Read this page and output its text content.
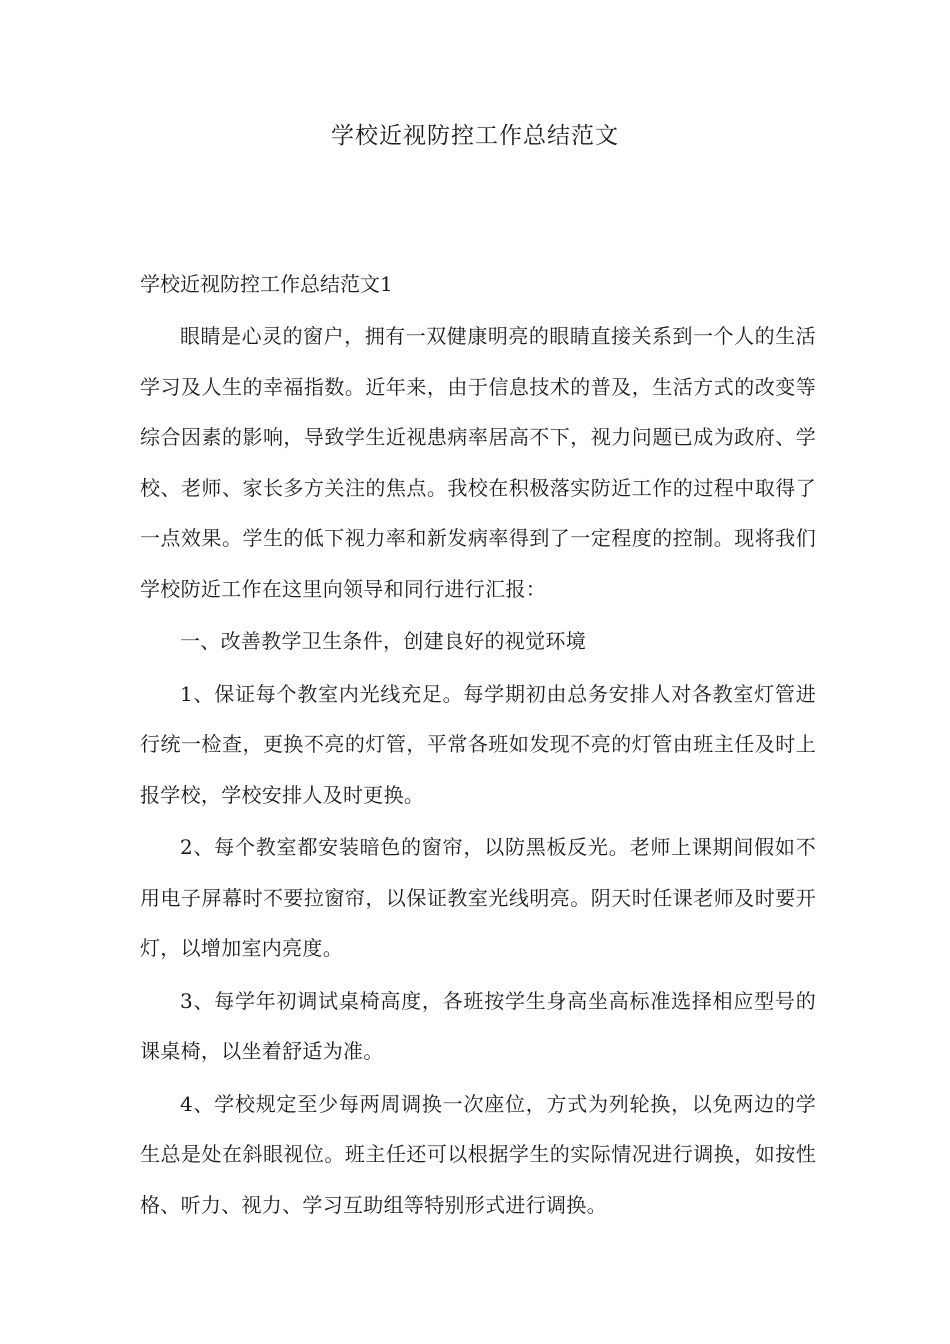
学校近视防控工作总结范文
学校近视防控工作总结范文1

眼睛是心灵的窗户，拥有一双健康明亮的眼睛直接关系到一个人的生活学习及人生的幸福指数。近年来，由于信息技术的普及，生活方式的改变等综合因素的影响，导致学生近视患病率居高不下，视力问题已成为政府、学校、老师、家长多方关注的焦点。我校在积极落实防近工作的过程中取得了一点效果。学生的低下视力率和新发病率得到了一定程度的控制。现将我们学校防近工作在这里向领导和同行进行汇报：

一、改善教学卫生条件，创建良好的视觉环境

1、保证每个教室内光线充足。每学期初由总务安排人对各教室灯管进行统一检查，更换不亮的灯管，平常各班如发现不亮的灯管由班主任及时上报学校，学校安排人及时更换。

2、每个教室都安装暗色的窗帘，以防黑板反光。老师上课期间假如不用电子屏幕时不要拉窗帘，以保证教室光线明亮。阴天时任课老师及时要开灯，以增加室内亮度。

3、每学年初调试桌椅高度，各班按学生身高坐高标准选择相应型号的课桌椅，以坐着舒适为准。

4、学校规定至少每两周调换一次座位，方式为列轮换，以免两边的学生总是处在斜眼视位。班主任还可以根据学生的实际情况进行调换，如按性格、听力、视力、学习互助组等特别形式进行调换。
